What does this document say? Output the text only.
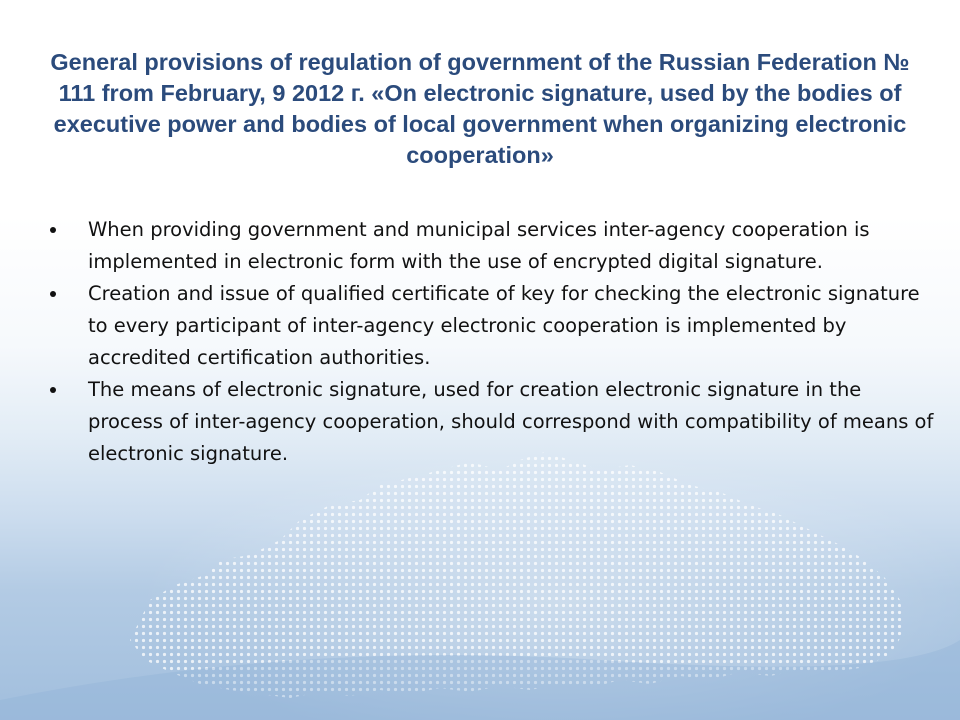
General provisions of regulation of government of the Russian Federation № 111 from February, 9 2012 г. «On electronic signature, used by the bodies of executive power and bodies of local government when organizing electronic cooperation»
When providing government and municipal services inter-agency cooperation is implemented in electronic form with the use of encrypted digital signature.
Creation and issue of qualified certificate of key for checking the electronic signature to every participant of inter-agency electronic cooperation is implemented by accredited certification authorities.
The means of electronic signature, used for creation electronic signature in the process of inter-agency cooperation, should correspond with compatibility of means of electronic signature.
